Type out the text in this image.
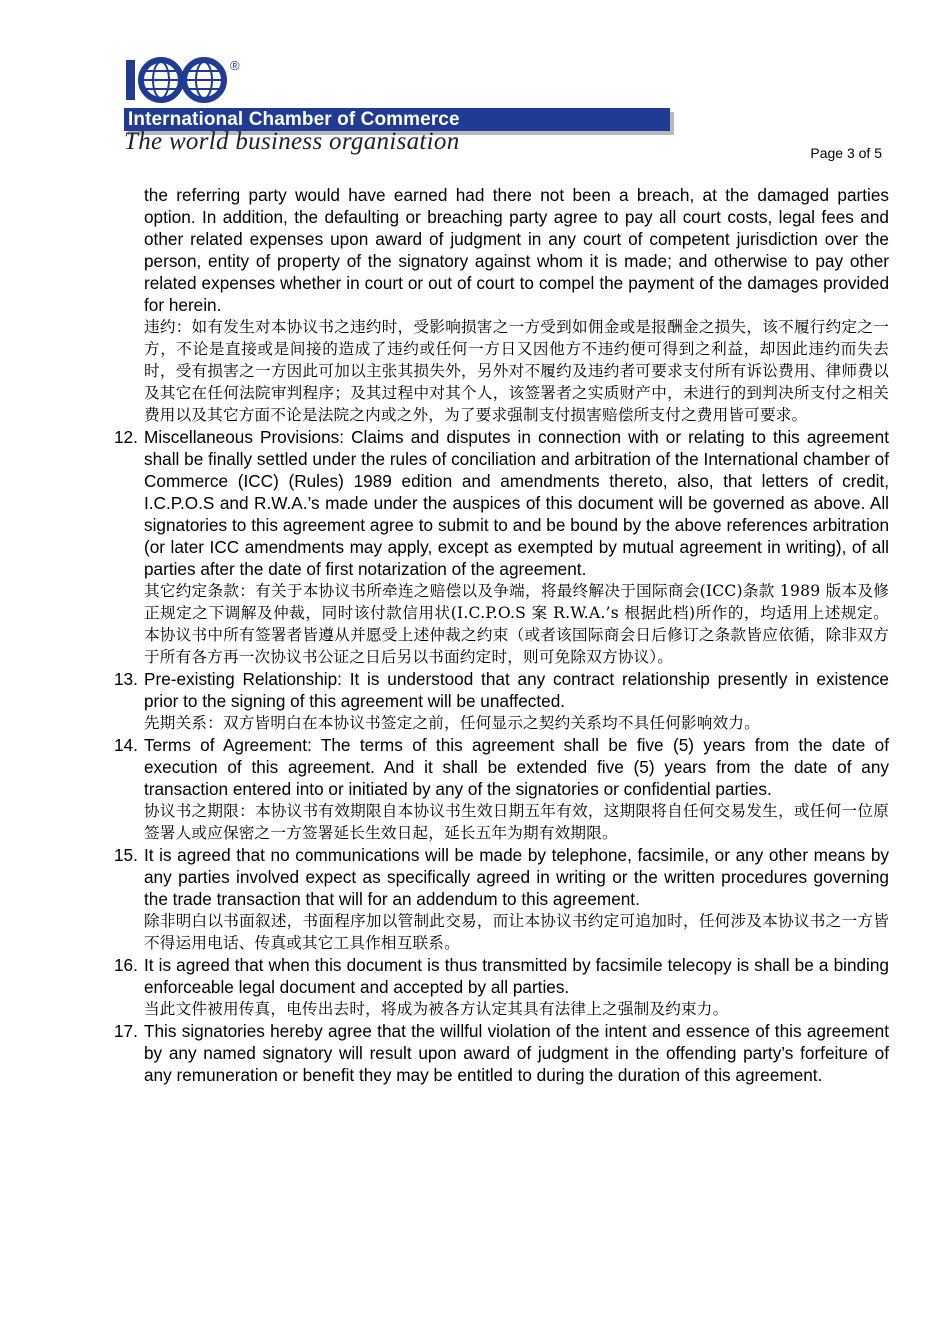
®
International Chamber of Commerce
The world business organisation	Page 3 of 5
the referring party would have earned had there not been a breach, at the damaged parties option. In addition, the defaulting or breaching party agree to pay all court costs, legal fees and other related expenses upon award of judgment in any court of competent jurisdiction over the person, entity of property of the signatory against whom it is made; and otherwise to pay other related expenses whether in court or out of court to compel the payment of the damages provided for herein.
违约：如有发生对本协议书之违约时，受影响损害之一方受到如佣金或是报酬金之损失，该不履行约定之一方，不论是直接或是间接的造成了违约或任何一方日又因他方不违约便可得到之利益，却因此违约而失去时，受有损害之一方因此可加以主张其损失外，另外对不履约及违约者可要求支付所有诉讼费用、律师费以及其它在任何法院审判程序；及其过程中对其个人，该签署者之实质财产中，未进行的到判决所支付之相关费用以及其它方面不论是法院之内或之外，为了要求强制支付损害赔偿所支付之费用皆可要求。
12. Miscellaneous Provisions: Claims and disputes in connection with or relating to this agreement shall be finally settled under the rules of conciliation and arbitration of the International chamber of Commerce (ICC) (Rules) 1989 edition and amendments thereto, also, that letters of credit, I.C.P.O.S and R.W.A.’s made under the auspices of this document will be governed as above. All signatories to this agreement agree to submit to and be bound by the above references arbitration (or later ICC amendments may apply, except as exempted by mutual agreement in writing), of all parties after the date of first notarization of the agreement.
其它约定条款：有关于本协议书所牵连之赔偿以及争端，将最终解决于国际商会(ICC)条款 1989 版本及修正规定之下调解及仲裁，同时该付款信用状(I.C.P.O.S 案 R.W.A.’s 根据此档)所作的，均适用上述规定。本协议书中所有签署者皆遵从并愿受上述仲裁之约束（或者该国际商会日后修订之条款皆应依循，除非双方于所有各方再一次协议书公证之日后另以书面约定时，则可免除双方协议）。
13. Pre-existing Relationship: It is understood that any contract relationship presently in existence prior to the signing of this agreement will be unaffected.
先期关系：双方皆明白在本协议书签定之前，任何显示之契约关系均不具任何影响效力。
14. Terms of Agreement: The terms of this agreement shall be five (5) years from the date of execution of this agreement. And it shall be extended five (5) years from the date of any transaction entered into or initiated by any of the signatories or confidential parties.
协议书之期限：本协议书有效期限自本协议书生效日期五年有效，这期限将自任何交易发生，或任何一位原签署人或应保密之一方签署延长生效日起，延长五年为期有效期限。
15. It is agreed that no communications will be made by telephone, facsimile, or any other means by any parties involved expect as specifically agreed in writing or the written procedures governing the trade transaction that will for an addendum to this agreement.
除非明白以书面叙述，书面程序加以管制此交易，而让本协议书约定可追加时，任何涉及本协议书之一方皆不得运用电话、传真或其它工具作相互联系。
16. It is agreed that when this document is thus transmitted by facsimile telecopy is shall be a binding enforceable legal document and accepted by all parties.
当此文件被用传真，电传出去时，将成为被各方认定其具有法律上之强制及约束力。
17. This signatories hereby agree that the willful violation of the intent and essence of this agreement by any named signatory will result upon award of judgment in the offending party’s forfeiture of any remuneration or benefit they may be entitled to during the duration of this agreement.
